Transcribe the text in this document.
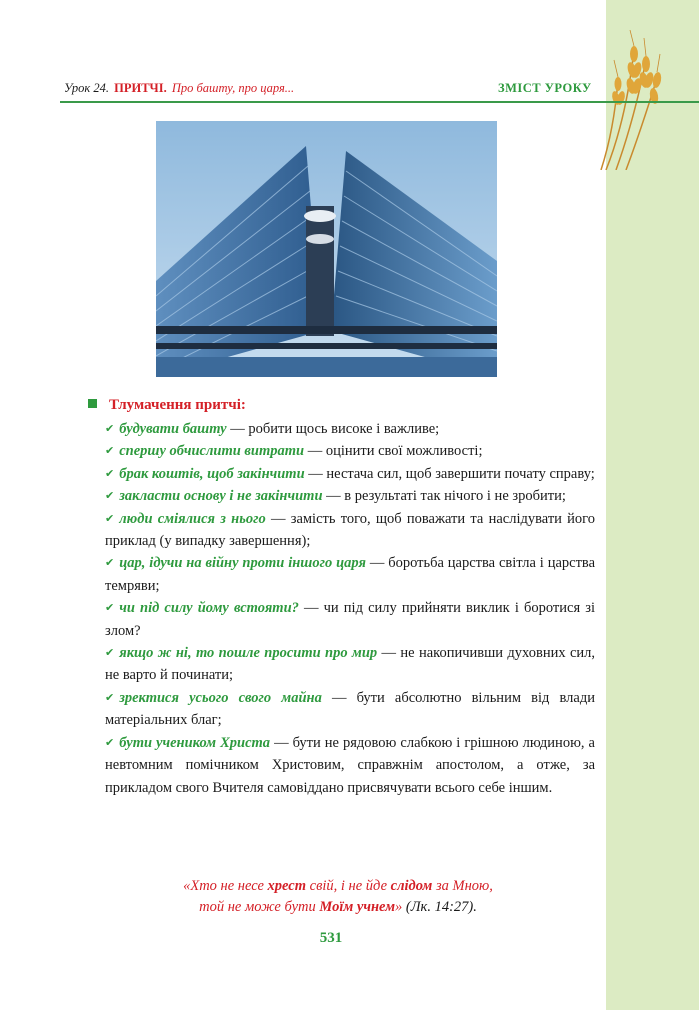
Урок 24. ПРИТЧІ. Про башту, про царя...	ЗМІСТ УРОКУ
Тлумачення притчі:

✔ будувати башту — робити щось високе і важливе;

✔ спершу обчислити витрати — оцінити свої можливості;

✔ брак коштів, щоб закінчити — нестача сил, щоб завершити почату справу;

✔ закласти основу і не закінчити — в результаті так нічого і не зробити;

✔ люди сміялися з нього — замість того, щоб поважати та наслідувати його приклад (у випадку завершення);

✔ цар, ідучи на війну проти іншого царя — боротьба царства світла і царства темряви;

✔ чи під силу йому встояти? — чи під силу прийняти виклик і боротися зі злом?

✔ якщо ж ні, то пошле просити про мир — не накопичивши духовних сил, не варто й починати;

✔ зректися усього свого майна — бути абсолютно вільним від влади матеріальних благ;

✔ бути учеником Христа — бути не рядовою слабкою і грішною людиною, а невтомним помічником Христовим, справжнім апостолом, а отже, за прикладом свого Вчителя самовіддано присвячувати всього себе іншим.

«Хто не несе хрест свій, і не йде слідом за Мною,
той не може бути Моїм учнем» (Лк. 14:27).
531
